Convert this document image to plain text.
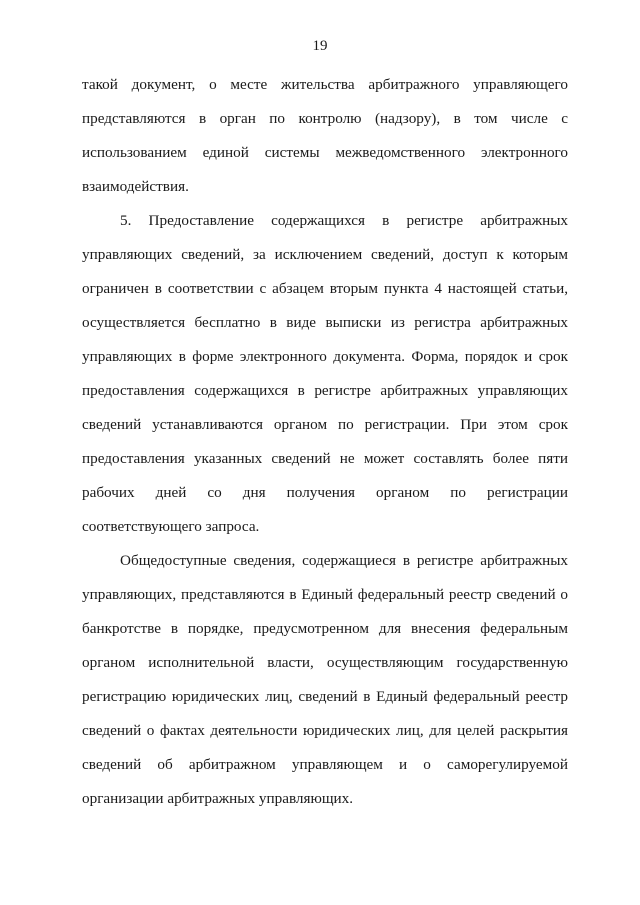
19
такой документ, о месте жительства арбитражного управляющего
представляются в орган по контролю (надзору), в том числе с
использованием единой системы межведомственного электронного
взаимодействия.
5. Предоставление содержащихся в регистре арбитражных
управляющих сведений, за исключением сведений, доступ к которым
ограничен в соответствии с абзацем вторым пункта 4 настоящей статьи,
осуществляется бесплатно в виде выписки из регистра арбитражных
управляющих в форме электронного документа. Форма, порядок и срок
предоставления содержащихся в регистре арбитражных управляющих
сведений устанавливаются органом по регистрации. При этом срок
предоставления указанных сведений не может составлять более пяти
рабочих дней со дня получения органом по регистрации
соответствующего запроса.
Общедоступные сведения, содержащиеся в регистре арбитражных
управляющих, представляются в Единый федеральный реестр сведений о
банкротстве в порядке, предусмотренном для внесения федеральным
органом исполнительной власти, осуществляющим государственную
регистрацию юридических лиц, сведений в Единый федеральный реестр
сведений о фактах деятельности юридических лиц, для целей раскрытия
сведений об арбитражном управляющем и о саморегулируемой
организации арбитражных управляющих.
